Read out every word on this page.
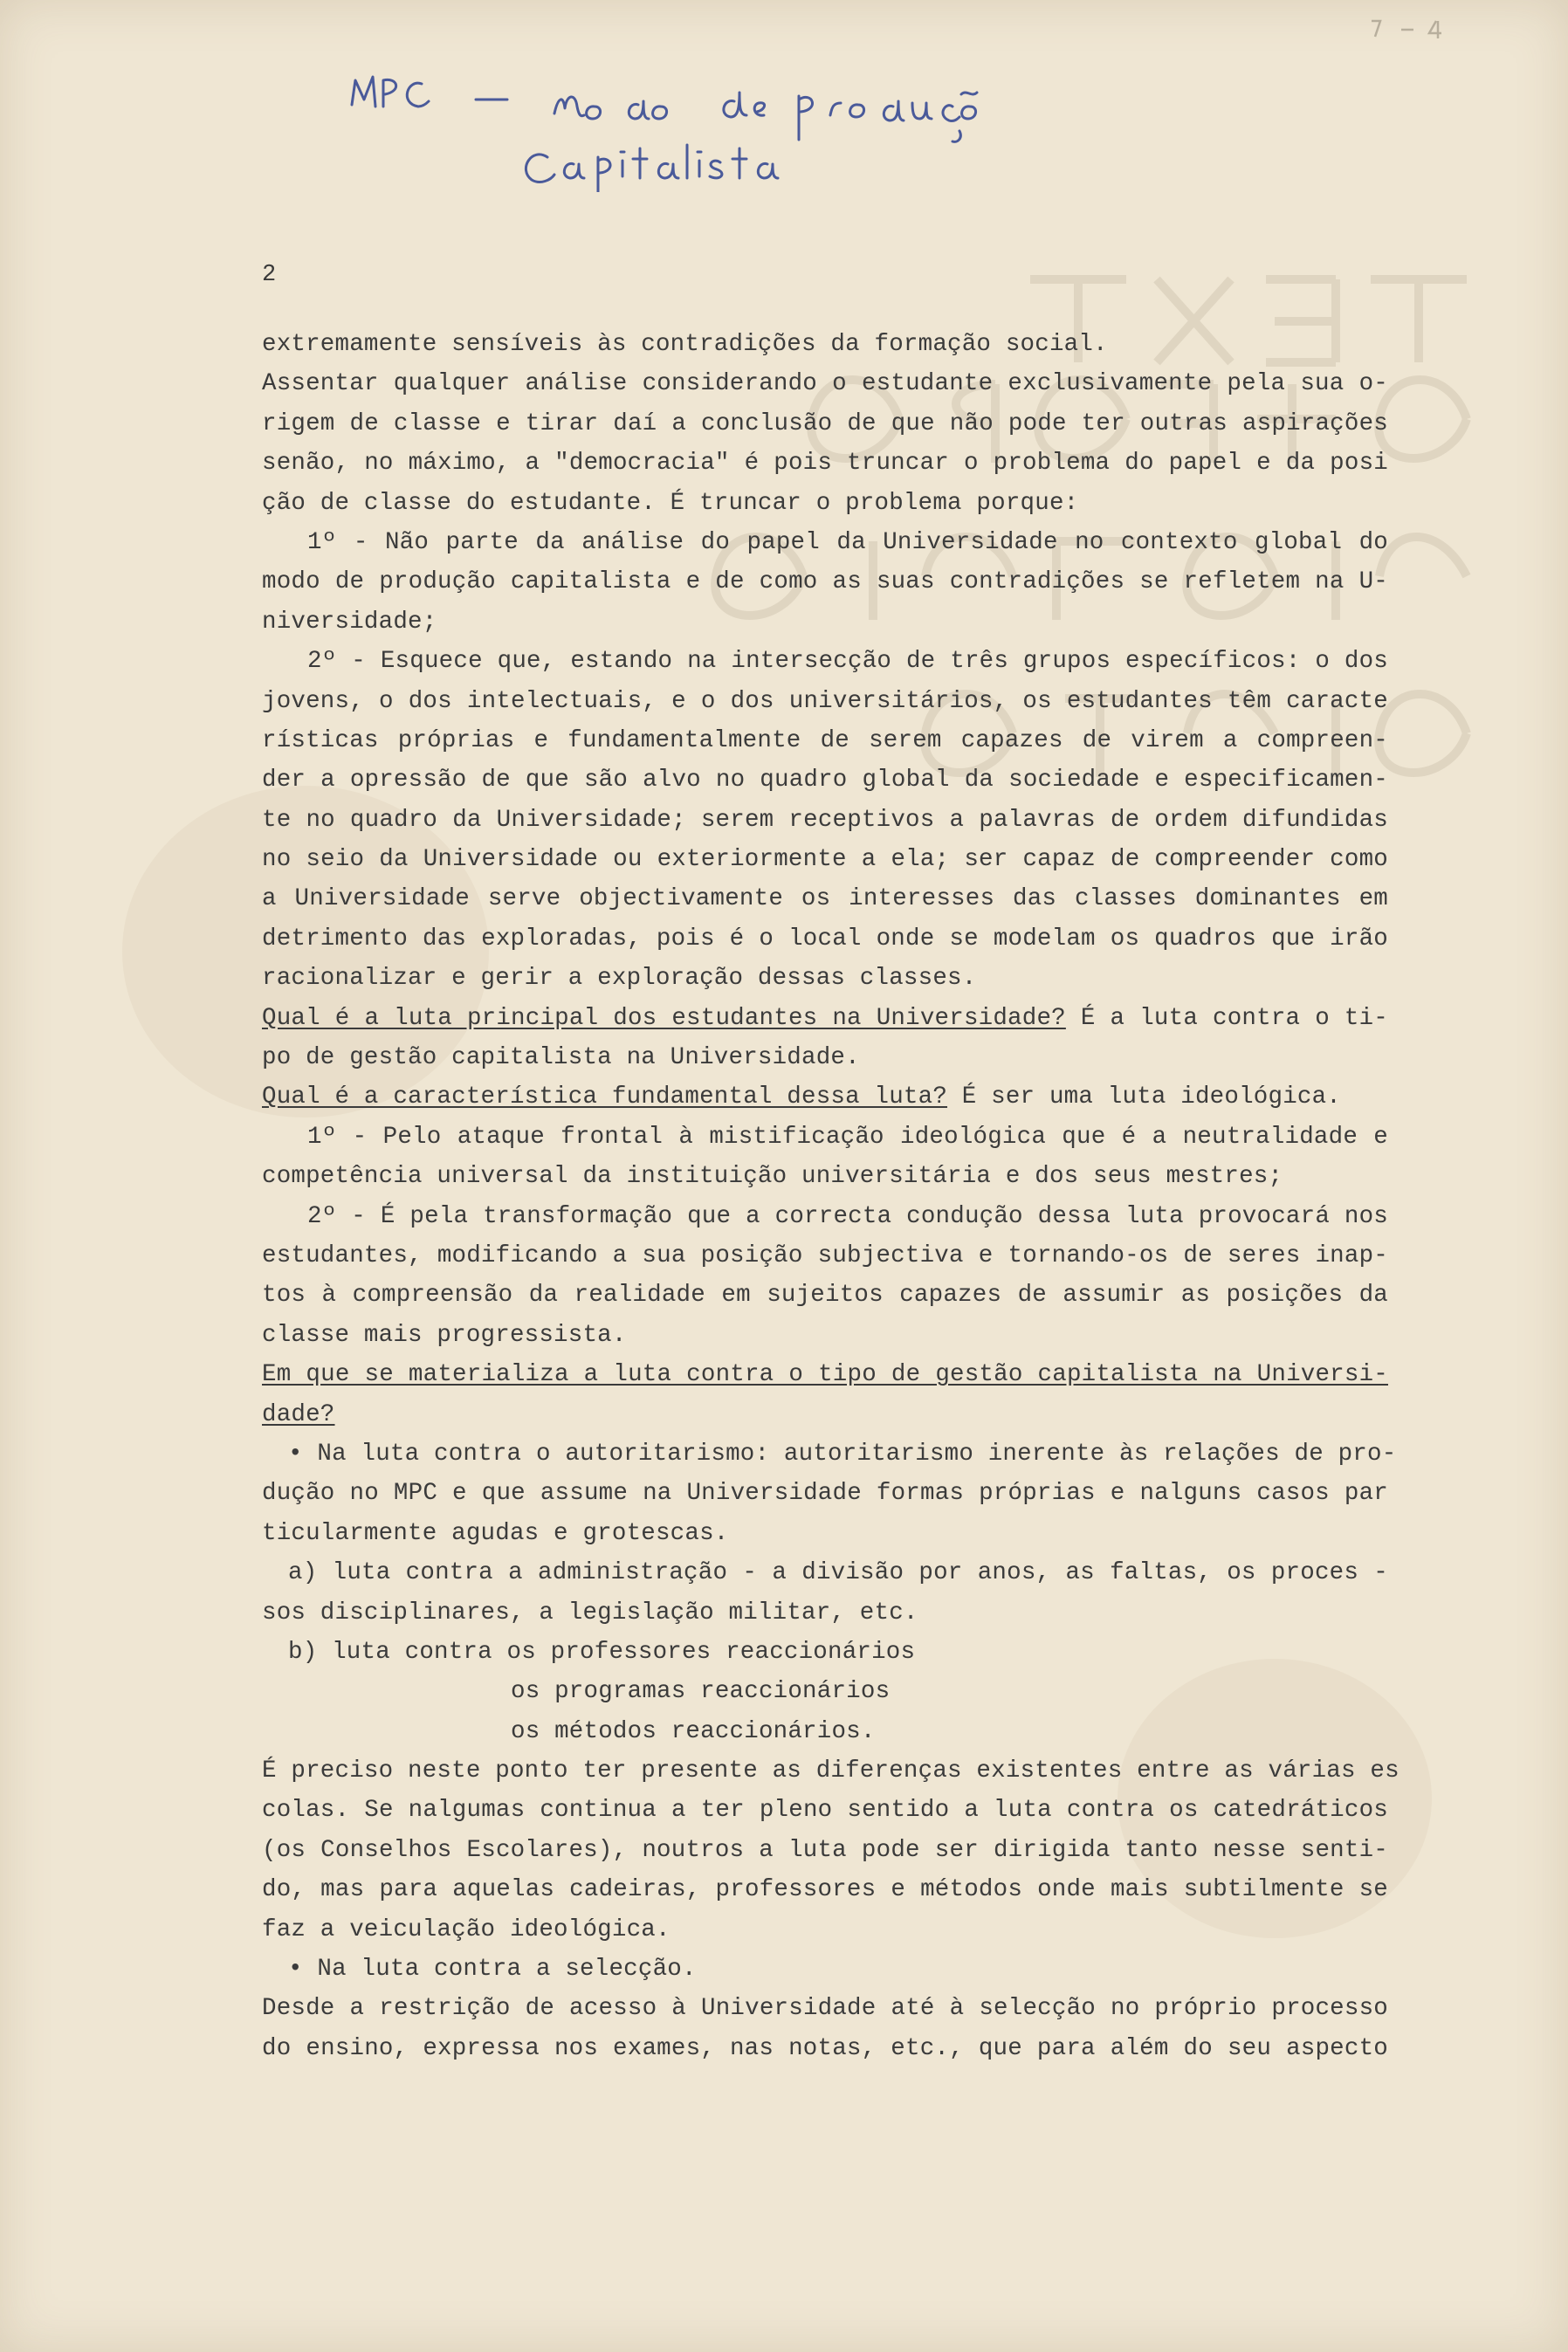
2
extremamente sensíveis às contradições da formação social.
Assentar qualquer análise considerando o estudante exclusivamente pela sua o-
rigem de classe e tirar daí a conclusão de que não pode ter outras aspirações
senão, no máximo, a "democracia" é pois truncar o problema do papel e da posi
ção de classe do estudante. É truncar o problema porque:
1º - Não parte da análise do papel da Universidade no contexto global do
modo de produção capitalista e de como as suas contradições se refletem na U-
niversidade;
2º - Esquece que, estando na intersecção de três grupos específicos: o dos
jovens, o dos intelectuais, e o dos universitários, os estudantes têm caracte
rísticas próprias e fundamentalmente de serem capazes de virem a compreen-
der a opressão de que são alvo no quadro global da sociedade e especificamen-
te no quadro da Universidade; serem receptivos a palavras de ordem difundidas
no seio da Universidade ou exteriormente a ela; ser capaz de compreender como
a Universidade serve objectivamente os interesses das classes dominantes em
detrimento das exploradas, pois é o local onde se modelam os quadros que irão
racionalizar e gerir a exploração dessas classes.
Qual é a luta principal dos estudantes na Universidade? É a luta contra o ti-
po de gestão capitalista na Universidade.
Qual é a característica fundamental dessa luta? É ser uma luta ideológica.
1º - Pelo ataque frontal à mistificação ideológica que é a neutralidade e
competência universal da instituição universitária e dos seus mestres;
2º - É pela transformação que a correcta condução dessa luta provocará nos
estudantes, modificando a sua posição subjectiva e tornando-os de seres inap-
tos à compreensão da realidade em sujeitos capazes de assumir as posições da
classe mais progressista.
Em que se materializa a luta contra o tipo de gestão capitalista na Universi-
dade?
• Na luta contra o autoritarismo: autoritarismo inerente às relações de pro-
dução no MPC e que assume na Universidade formas próprias e nalguns casos par
ticularmente agudas e grotescas.
a) luta contra a administração - a divisão por anos, as faltas, os proces -
sos disciplinares, a legislação militar, etc.
b) luta contra os professores reaccionários
os programas reaccionários
os métodos reaccionários.
É preciso neste ponto ter presente as diferenças existentes entre as várias es
colas. Se nalgumas continua a ter pleno sentido a luta contra os catedráticos
(os Conselhos Escolares), noutros a luta pode ser dirigida tanto nesse senti-
do, mas para aquelas cadeiras, professores e métodos onde mais subtilmente se
faz a veiculação ideológica.
• Na luta contra a selecção.
Desde a restrição de acesso à Universidade até à selecção no próprio processo
do ensino, expressa nos exames, nas notas, etc., que para além do seu aspecto
